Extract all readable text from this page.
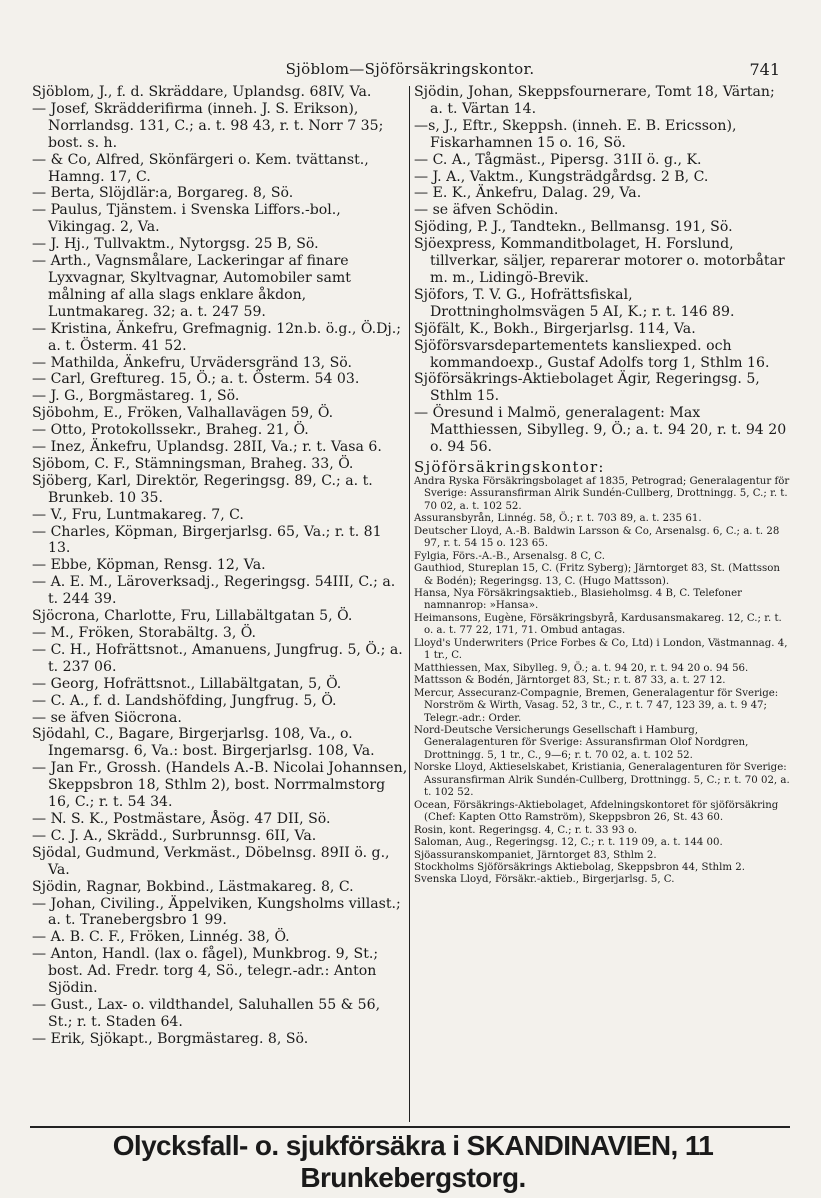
Sjöblom—Sjöförsäkringskontor.	741
Sjöblom, J., f. d. Skräddare, Uplandsg. 68IV, Va.
— Josef, Skrädderifirma (inneh. J. S. Erikson), Norrlandsg. 131, C.; a. t. 98 43, r. t. Norr 7 35; bost. s. h.
— & Co, Alfred, Skönfärgeri o. Kem. tvättanst., Hamng. 17, C.
— Berta, Slöjdlär:a, Borgareg. 8, Sö.
— Paulus, Tjänstem. i Svenska Liffors.-bol., Vikingag. 2, Va.
— J. Hj., Tullvaktm., Nytorgsg. 25 B, Sö.
— Arth., Vagnsmålare, Lackeringar af finare Lyxvagnar, Skyltvagnar, Automobiler samt målning af alla slags enklare åkdon, Luntmakareg. 32; a. t. 247 59.
— Kristina, Änkefru, Grefmagnig. 12n.b. ö.g., Ö.Dj.; a. t. Österm. 41 52.
— Mathilda, Änkefru, Urvädersgränd 13, Sö.
— Carl, Greftureg. 15, Ö.; a. t. Österm. 54 03.
— J. G., Borgmästareg. 1, Sö.
Sjöbohm, E., Fröken, Valhallavägen 59, Ö.
— Otto, Protokollssekr., Braheg. 21, Ö.
— Inez, Änkefru, Uplandsg. 28II, Va.; r. t. Vasa 6.
Sjöbom, C. F., Stämningsman, Braheg. 33, Ö.
Sjöberg, Karl, Direktör, Regeringsg. 89, C.; a. t. Brunkeb. 10 35.
— V., Fru, Luntmakareg. 7, C.
— Charles, Köpman, Birgerjarlsg. 65, Va.; r. t. 81 13.
— Ebbe, Köpman, Rensg. 12, Va.
— A. E. M., Läroverksadj., Regeringsg. 54III, C.; a. t. 244 39.
Sjöcrona, Charlotte, Fru, Lillabältgatan 5, Ö.
— M., Fröken, Storabältg. 3, Ö.
— C. H., Hofrättsnot., Amanuens, Jungfrug. 5, Ö.; a. t. 237 06.
— Georg, Hofrättsnot., Lillabältgatan, 5, Ö.
— C. A., f. d. Landshöfding, Jungfrug. 5, Ö.
— se äfven Siöcrona.
Sjödahl, C., Bagare, Birgerjarlsg. 108, Va., o. Ingemarsg. 6, Va.: bost. Birgerjarlsg. 108, Va.
— Jan Fr., Grossh. (Handels A.-B. Nicolai Johannsen, Skeppsbron 18, Sthlm 2), bost. Norrmalmstorg 16, C.; r. t. 54 34.
— N. S. K., Postmästare, Åsög. 47 DII, Sö.
— C. J. A., Skrädd., Surbrunnsg. 6II, Va.
Sjödal, Gudmund, Verkmäst., Döbelnsg. 89II ö. g., Va.
Sjödin, Ragnar, Bokbind., Lästmakareg. 8, C.
— Johan, Civiling., Äppelviken, Kungsholms villast.; a. t. Tranebergsbro 1 99.
— A. B. C. F., Fröken, Linnég. 38, Ö.
— Anton, Handl. (lax o. fågel), Munkbrog. 9, St.; bost. Ad. Fredr. torg 4, Sö., telegr.-adr.: Anton Sjödin.
— Gust., Lax- o. vildthandel, Saluhallen 55 & 56, St.; r. t. Staden 64.
— Erik, Sjökapt., Borgmästareg. 8, Sö.
Sjödin, Johan, Skeppsfournerare, Tomt 18, Värtan; a. t. Värtan 14.
—s, J., Eftr., Skeppsh. (inneh. E. B. Ericsson), Fiskarhamnen 15 o. 16, Sö.
— C. A., Tågmäst., Pipersg. 31II ö. g., K.
— J. A., Vaktm., Kungsträdgårdsg. 2 B, C.
— E. K., Änkefru, Dalag. 29, Va.
— se äfven Schödin.
Sjöding, P. J., Tandtekn., Bellmansg. 191, Sö.
Sjöexpress, Kommanditbolaget, H. Forslund, tillverkar, säljer, reparerar motorer o. motorbåtar m. m., Lidingö-Brevik.
Sjöfors, T. V. G., Hofrättsfiskal, Drottningholmsvägen 5 AI, K.; r. t. 146 89.
Sjöfält, K., Bokh., Birgerjarlsg. 114, Va.
Sjöförsvarsdepartementets kansliexped. och kommandoexp., Gustaf Adolfs torg 1, Sthlm 16.
Sjöförsäkrings-Aktiebolaget Ägir, Regeringsg. 5, Sthlm 15.
— Öresund i Malmö, generalagent: Max Matthiessen, Sibylleg. 9, Ö.; a. t. 94 20, r. t. 94 20 o. 94 56.
Sjöförsäkringskontor:
Andra Ryska Försäkringsbolaget af 1835, Petrograd; Generalagentur för Sverige: Assuransfirman Alrik Sundén-Cullberg, Drottningg. 5, C.; r. t. 70 02, a. t. 102 52.
Assuransbyrån, Linnég. 58, Ö.; r. t. 703 89, a. t. 235 61.
Deutscher Lloyd, A.-B. Baldwin Larsson & Co, Arsenalsg. 6, C.; a. t. 28 97, r. t. 54 15 o. 123 65.
Fylgia, Förs.-A.-B., Arsenalsg. 8 C, C.
Gauthiod, Stureplan 15, C. (Fritz Syberg); Järntorget 83, St. (Mattsson & Bodén); Regeringsg. 13, C. (Hugo Mattsson).
Hansa, Nya Försäkringsaktieb., Blasieholmsg. 4 B, C. Telefoner namnanrop: »Hansa».
Heimansons, Eugène, Försäkringsbyrå, Kardusansmakareg. 12, C.; r. t. o. a. t. 77 22, 171, 71. Ombud antagas.
Lloyd's Underwriters (Price Forbes & Co, Ltd) i London, Västmannag. 4, 1 tr., C.
Matthiessen, Max, Sibylleg. 9, Ö.; a. t. 94 20, r. t. 94 20 o. 94 56.
Mattsson & Bodén, Järntorget 83, St.; r. t. 87 33, a. t. 27 12.
Mercur, Assecuranz-Compagnie, Bremen, Generalagentur för Sverige: Norström & Wirth, Vasag. 52, 3 tr., C., r. t. 7 47, 123 39, a. t. 9 47; Telegr.-adr.: Order.
Nord-Deutsche Versicherungs Gesellschaft i Hamburg, Generalagenturen för Sverige: Assuransfirman Olof Nordgren, Drottningg. 5, 1 tr., C., 9—6; r. t. 70 02, a. t. 102 52.
Norske Lloyd, Aktieselskabet, Kristiania, Generalagenturen för Sverige: Assuransfirman Alrik Sundén-Cullberg, Drottningg. 5, C.; r. t. 70 02, a. t. 102 52.
Ocean, Försäkrings-Aktiebolaget, Afdelningskontoret för sjöförsäkring (Chef: Kapten Otto Ramström), Skeppsbron 26, St. 43 60.
Rosin, kont. Regeringsg. 4, C.; r. t. 33 93 o.
Saloman, Aug., Regeringsg. 12, C.; r. t. 119 09, a. t. 144 00.
Sjöassuranskompaniet, Järntorget 83, Sthlm 2.
Stockholms Sjöförsäkrings Aktiebolag, Skeppsbron 44, Sthlm 2.
Svenska Lloyd, Försäkr.-aktieb., Birgerjarlsg. 5, C.
Olycksfall- o. sjukförsäkra i SKANDINAVIEN, 11 Brunkebergstorg.
